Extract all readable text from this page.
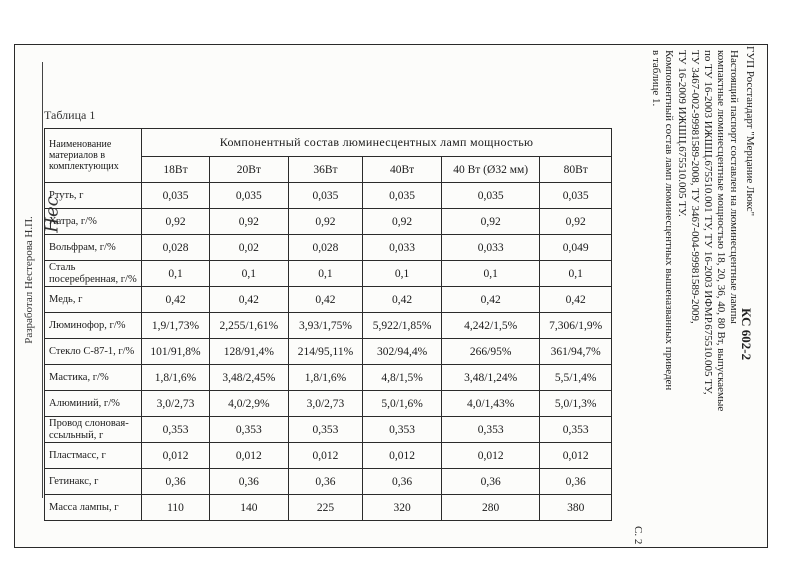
Разработал Нестерова Н.П.
Нес
Таблица 1
Наименование материалов в комплектующих	Компонентный состав люминесцентных ламп мощностью					
	18Вт	20Вт	36Вт	40Вт	40 Вт (Ø32 мм)	80Вт
Ртуть, г	0,035	0,035	0,035	0,035	0,035	0,035
Хатра, г/%	0,92	0,92	0,92	0,92	0,92	0,92
Вольфрам, г/%	0,028	0,02	0,028	0,033	0,033	0,049
Сталь посеребренная, г/%	0,1	0,1	0,1	0,1	0,1	0,1
Медь, г	0,42	0,42	0,42	0,42	0,42	0,42
Люминофор, г/%	1,9/1,73%	2,255/1,61%	3,93/1,75%	5,922/1,85%	4,242/1,5%	7,306/1,9%
Стекло С-87-1, г/%	101/91,8%	128/91,4%	214/95,11%	302/94,4%	266/95%	361/94,7%
Мастика, г/%	1,8/1,6%	3,48/2,45%	1,8/1,6%	4,8/1,5%	3,48/1,24%	5,5/1,4%
Алюминий, г/%	3,0/2,73	4,0/2,9%	3,0/2,73	5,0/1,6%	4,0/1,43%	5,0/1,3%
Провод слоновая-ссыльный, г	0,353	0,353	0,353	0,353	0,353	0,353
Пластмасс, г	0,012	0,012	0,012	0,012	0,012	0,012
Гетинакс, г	0,36	0,36	0,36	0,36	0,36	0,36
Масса лампы, г	110	140	225	320	280	380
ГУП Росстандарт "Мерцание Люкс"
КС 602-2
Настоящий паспорт составлен на люминесцентные лампы
компактные люминесцентные мощностью 18, 20, 36, 40, 80 Вт, выпускаемые
по ТУ 16-2003 ИЖШЦ.675510.001 ТУ, ТУ 16-2003 ИФМР.675510.005 ТУ,
ТУ 3467-002-99981589-2008, ТУ 3467-004-99981589-2009,
ТУ 16-2009 ИЖШЦ.675510.005 ТУ.
Компонентный состав ламп люминесцентных вышеназванных приведен
в таблице 1.
С. 2
